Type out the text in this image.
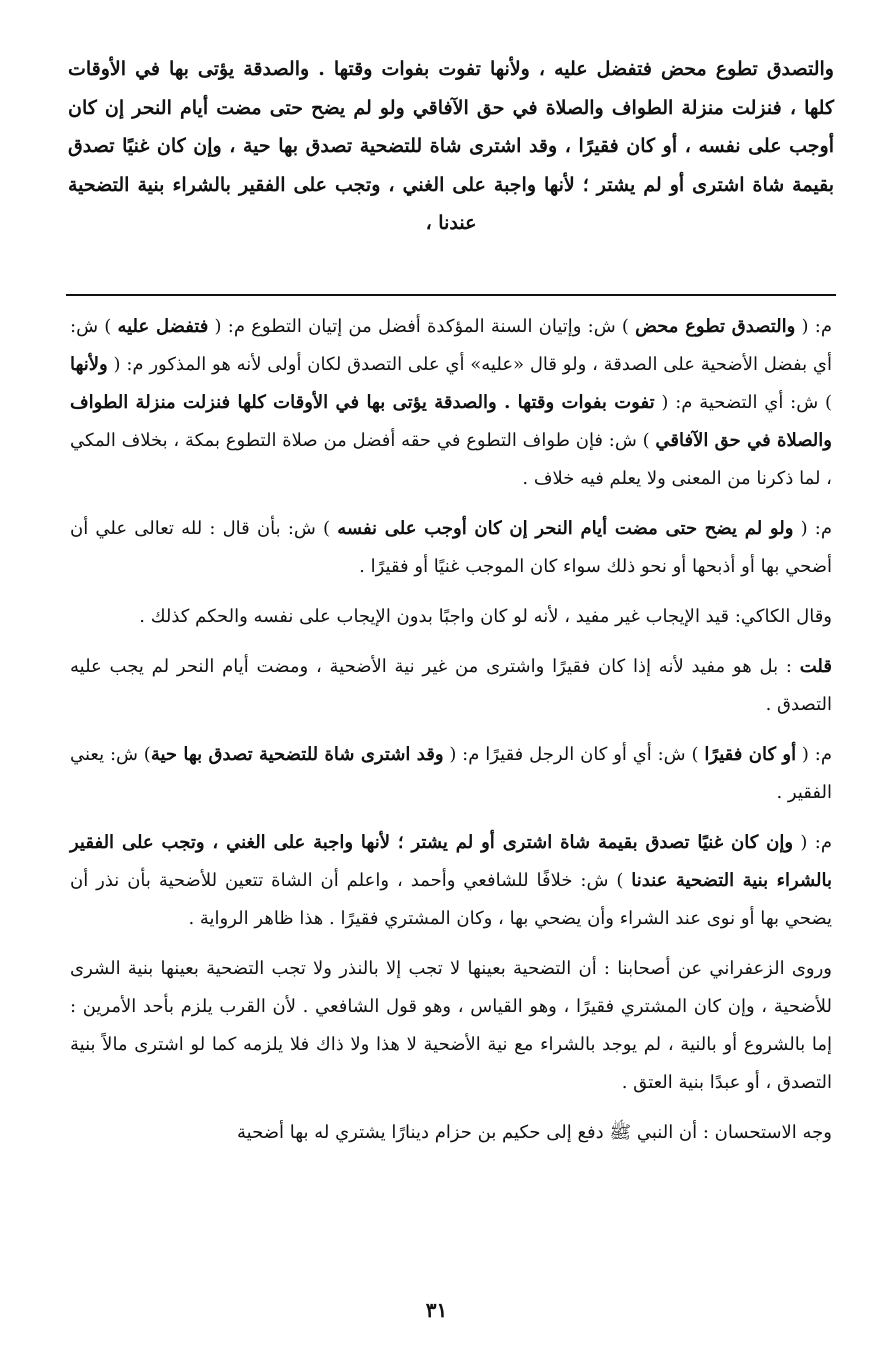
والتصدق تطوع محض فتفضل عليه ، ولأنها تفوت بفوات وقتها . والصدقة يؤتى بها في الأوقات كلها ، فنزلت منزلة الطواف والصلاة في حق الآفاقي ولو لم يضح حتى مضت أيام النحر إن كان أوجب على نفسه ، أو كان فقيرًا ، وقد اشترى شاة للتضحية تصدق بها حية ، وإن كان غنيًا تصدق بقيمة شاة اشترى أو لم يشتر ؛ لأنها واجبة على الغني ، وتجب على الفقير بالشراء بنية التضحية عندنا ،

م: ( والتصدق تطوع محض ) ش: وإتيان السنة المؤكدة أفضل من إتيان التطوع م: ( فتفضل عليه ) ش: أي بفضل الأضحية على الصدقة ، ولو قال «عليه» أي على التصدق لكان أولى لأنه هو المذكور م: ( ولأنها ) ش: أي التضحية م: ( تفوت بفوات وقتها . والصدقة يؤتى بها في الأوقات كلها فنزلت منزلة الطواف والصلاة في حق الآفاقي ) ش: فإن طواف التطوع في حقه أفضل من صلاة التطوع بمكة ، بخلاف المكي ، لما ذكرنا من المعنى ولا يعلم فيه خلاف .

م: ( ولو لم يضح حتى مضت أيام النحر إن كان أوجب على نفسه ) ش: بأن قال : لله تعالى علي أن أضحي بها أو أذبحها أو نحو ذلك سواء كان الموجب غنيًا أو فقيرًا .

وقال الكاكي: قيد الإيجاب غير مفيد ، لأنه لو كان واجبًا بدون الإيجاب على نفسه والحكم كذلك .

قلت : بل هو مفيد لأنه إذا كان فقيرًا واشترى من غير نية الأضحية ، ومضت أيام النحر لم يجب عليه التصدق .

م: ( أو كان فقيرًا ) ش: أي أو كان الرجل فقيرًا م: ( وقد اشترى شاة للتضحية تصدق بها حية) ش: يعني الفقير .

م: ( وإن كان غنيًا تصدق بقيمة شاة اشترى أو لم يشتر ؛ لأنها واجبة على الغني ، وتجب على الفقير بالشراء بنية التضحية عندنا ) ش: خلافًا للشافعي وأحمد ، واعلم أن الشاة تتعين للأضحية بأن نذر أن يضحي بها أو نوى عند الشراء وأن يضحي بها ، وكان المشتري فقيرًا . هذا ظاهر الرواية .

وروى الزعفراني عن أصحابنا : أن التضحية بعينها لا تجب إلا بالنذر ولا تجب التضحية بعينها بنية الشرى للأضحية ، وإن كان المشتري فقيرًا ، وهو القياس ، وهو قول الشافعي . لأن القرب يلزم بأحد الأمرين : إما بالشروع أو بالنية ، لم يوجد بالشراء مع نية الأضحية لا هذا ولا ذاك فلا يلزمه كما لو اشترى مالاً بنية التصدق ، أو عبدًا بنية العتق .

وجه الاستحسان : أن النبي ﷺ دفع إلى حكيم بن حزام دينارًا يشتري له بها أضحية

٣١
